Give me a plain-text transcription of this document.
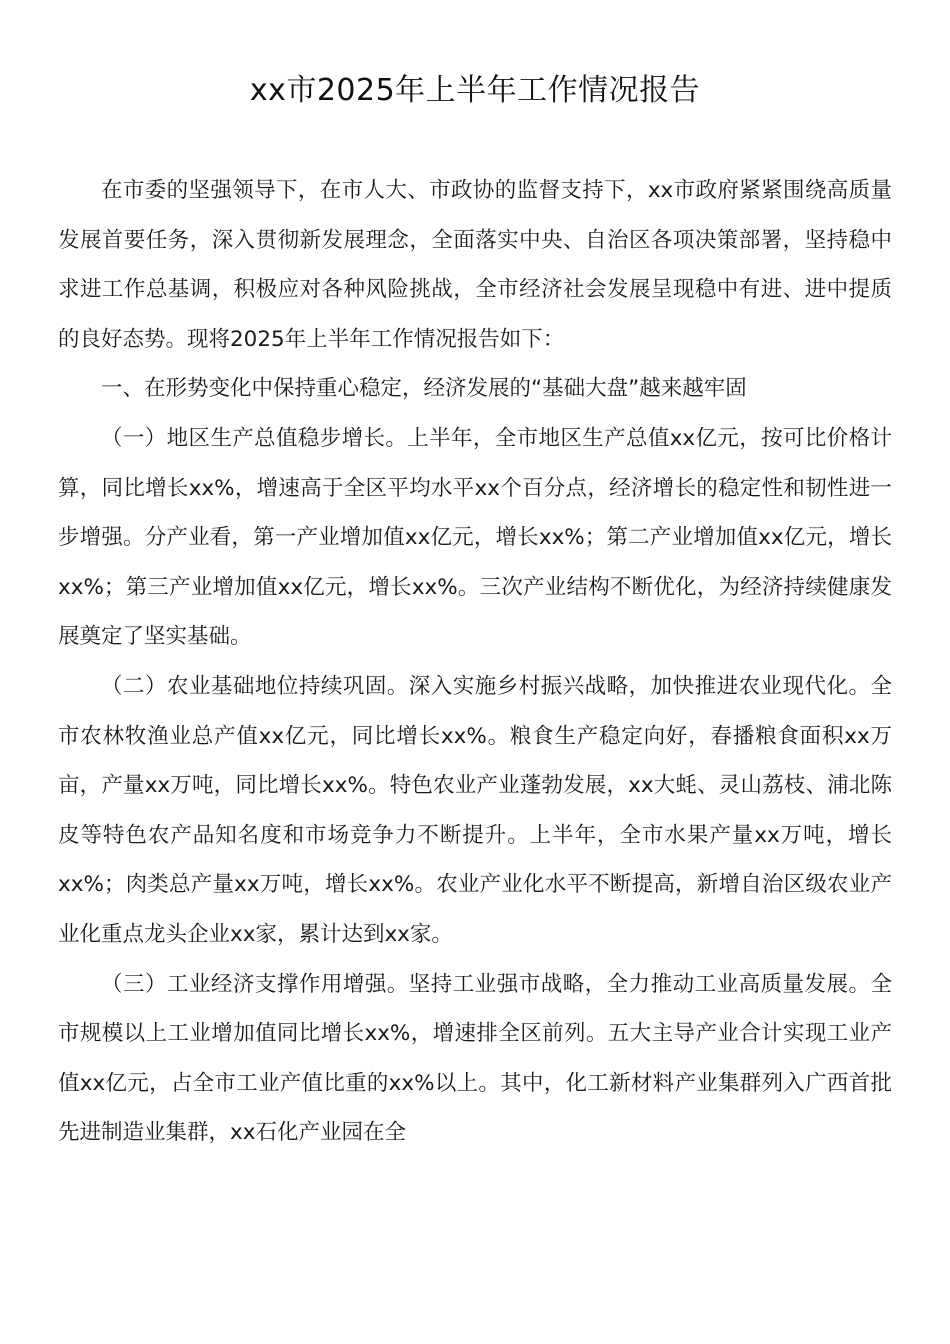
xx市2025年上半年工作情况报告

在市委的坚强领导下，在市人大、市政协的监督支持下，xx市政府紧紧围绕高质量发展首要任务，深入贯彻新发展理念，全面落实中央、自治区各项决策部署，坚持稳中求进工作总基调，积极应对各种风险挑战，全市经济社会发展呈现稳中有进、进中提质的良好态势。现将2025年上半年工作情况报告如下：

一、在形势变化中保持重心稳定，经济发展的“基础大盘”越来越牢固

（一）地区生产总值稳步增长。上半年，全市地区生产总值xx亿元，按可比价格计算，同比增长xx%，增速高于全区平均水平xx个百分点，经济增长的稳定性和韧性进一步增强。分产业看，第一产业增加值xx亿元，增长xx%；第二产业增加值xx亿元，增长xx%；第三产业增加值xx亿元，增长xx%。三次产业结构不断优化，为经济持续健康发展奠定了坚实基础。

（二）农业基础地位持续巩固。深入实施乡村振兴战略，加快推进农业现代化。全市农林牧渔业总产值xx亿元，同比增长xx%。粮食生产稳定向好，春播粮食面积xx万亩，产量xx万吨，同比增长xx%。特色农业产业蓬勃发展，xx大蚝、灵山荔枝、浦北陈皮等特色农产品知名度和市场竞争力不断提升。上半年，全市水果产量xx万吨，增长xx%；肉类总产量xx万吨，增长xx%。农业产业化水平不断提高，新增自治区级农业产业化重点龙头企业xx家，累计达到xx家。

（三）工业经济支撑作用增强。坚持工业强市战略，全力推动工业高质量发展。全市规模以上工业增加值同比增长xx%，增速排全区前列。五大主导产业合计实现工业产值xx亿元，占全市工业产值比重的xx%以上。其中，化工新材料产业集群列入广西首批先进制造业集群，xx石化产业园在全
